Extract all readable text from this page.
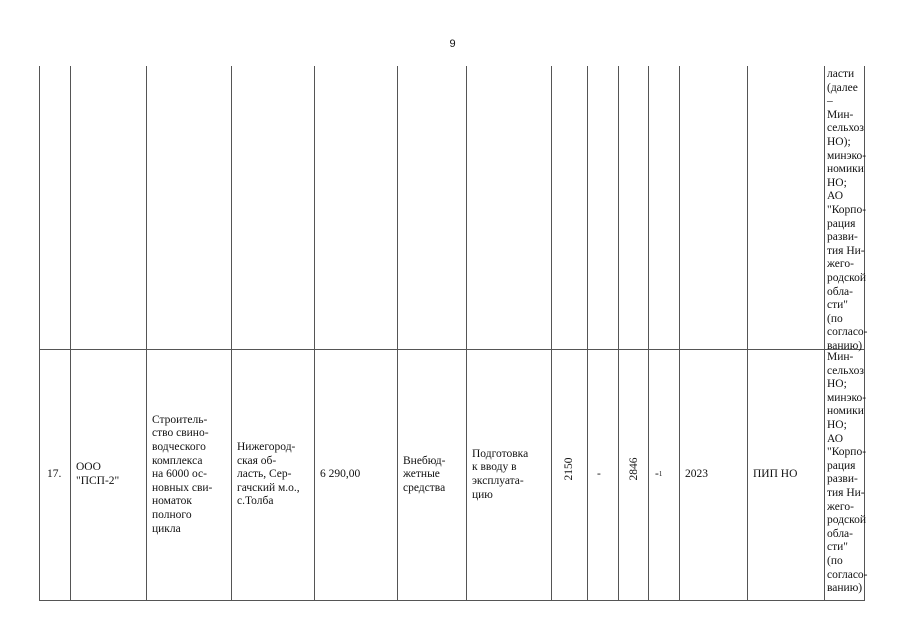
9
ласти
(далее –
Мин-
сельхоз
НО);
минэко-
номики
НО;
АО
"Корпо-
рация
разви-
тия Ни-
жего-
родской
обла-
сти" (по
согласо-
ванию)
17.
ООО
"ПСП-2"
Строитель-
ство свино-
водческого
комплекса
на 6000 ос-
новных сви-
номаток
полного
цикла
Нижегород-
ская об-
ласть, Сер-
гачский м.о.,
с.Толба
6 290,00
Внебюд-
жетные
средства
Подготовка
к вводу в
эксплуата-
цию
2150 - 2846 - 1 2023	ПИП НО
Мин-
сельхоз
НО;
минэко-
номики
НО;
АО
"Корпо-
рация
разви-
тия Ни-
жего-
родской
обла-
сти" (по
согласо-
ванию)
